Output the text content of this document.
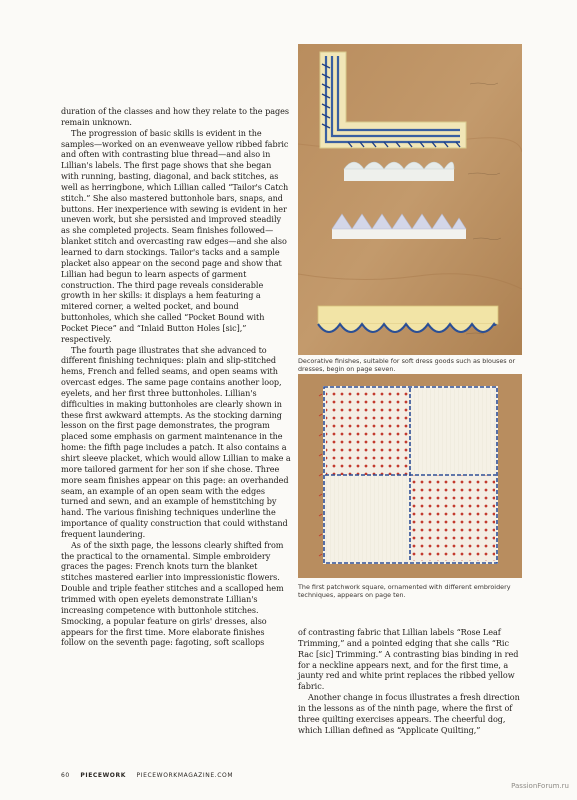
duration of the classes and how they relate to the pages remain unknown.

The progression of basic skills is evident in the samples—worked on an evenweave yellow ribbed fabric and often with contrasting blue thread—and also in Lillian's labels. The first page shows that she began with running, basting, diagonal, and back stitches, as well as herringbone, which Lillian called “Tailor's Catch stitch.” She also mastered buttonhole bars, snaps, and buttons. Her inexperience with sewing is evident in her uneven work, but she persisted and improved steadily as she completed projects. Seam finishes followed—blanket stitch and overcasting raw edges—and she also learned to darn stockings. Tailor's tacks and a sample placket also appear on the second page and show that Lillian had begun to learn aspects of garment construction. The third page reveals considerable growth in her skills: it displays a hem featuring a mitered corner, a welted pocket, and bound buttonholes, which she called “Pocket Bound with Pocket Piece” and “Inlaid Button Holes [sic],” respectively.

The fourth page illustrates that she advanced to different finishing techniques: plain and slip-stitched hems, French and felled seams, and open seams with overcast edges. The same page contains another loop, eyelets, and her first three buttonholes. Lillian's difficulties in making buttonholes are clearly shown in these first awkward attempts. As the stocking darning lesson on the first page demonstrates, the program placed some emphasis on garment maintenance in the home: the fifth page includes a patch. It also contains a shirt sleeve placket, which would allow Lillian to make a more tailored garment for her son if she chose. Three more seam finishes appear on this page: an overhanded seam, an example of an open seam with the edges turned and sewn, and an example of hemstitching by hand. The various finishing techniques underline the importance of quality construction that could withstand frequent laundering.

As of the sixth page, the lessons clearly shifted from the practical to the ornamental. Simple embroidery graces the pages: French knots turn the blanket stitches mastered earlier into impressionistic flowers. Double and triple feather stitches and a scalloped hem trimmed with open eyelets demonstrate Lillian's increasing competence with buttonhole stitches. Smocking, a popular feature on girls' dresses, also appears for the first time. More elaborate finishes follow on the seventh page: fagoting, soft scallops

Decorative finishes, suitable for soft dress goods such as blouses or dresses, begin on page seven.
The first patchwork square, ornamented with different embroidery techniques, appears on page ten.

of contrasting fabric that Lillian labels “Rose Leaf Trimming,” and a pointed edging that she calls “Ric Rac [sic] Trimming.” A contrasting bias binding in red for a neckline appears next, and for the first time, a jaunty red and white print replaces the ribbed yellow fabric.

Another change in focus illustrates a fresh direction in the lessons as of the ninth page, where the first of three quilting exercises appears. The cheerful dog, which Lillian defined as “Applicate Quilting,”

60 PIECEWORK PIECEWORKMAGAZINE.COM
PassionForum.ru
